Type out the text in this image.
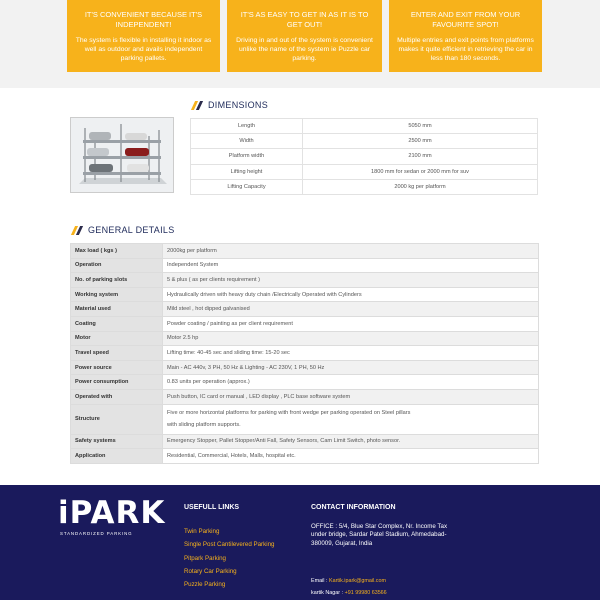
IT'S CONVENIENT BECAUSE IT'S INDEPENDENT!
The system is flexible in installing it indoor as well as outdoor and avails independent parking pallets.
IT'S AS EASY TO GET IN AS IT IS TO GET OUT!
Driving in and out of the system is convenient unlike the name of the system ie Puzzle car parking.
ENTER AND EXIT FROM YOUR FAVOURITE SPOT!
Multiple entries and exit points from platforms makes it quite efficient in retrieving the car in less than 180 seconds.
DIMENSIONS
Length	5050 mm
Width	2500 mm
Platform width	2100 mm
Lifting height	1800 mm for sedan or 2000 mm for suv
Lifting Capacity	2000 kg per platform
GENERAL DETAILS
Max load ( kgs )	2000kg per platform
Operation	Independent System
No. of parking slots	5 & plus ( as per clients requirement )
Working system	Hydraulically driven with heavy duty chain /Electrically Operated with Cylinders
Material used	Mild steel , hot dipped galvanised
Coating	Powder coating / painting as per client requirement
Motor	Motor 2.5 hp
Travel speed	Lifting time: 40-45 sec and sliding time: 15-20 sec
Power source	Main - AC 440v, 3 PH, 50 Hz & Lighting - AC 230V, 1 PH, 50 Hz
Power consumption	0.83 units per operation (approx.)
Operated with	Push button, IC card or manual , LED display , PLC base software system
Structure	Five or more horizontal platforms for parking with front wedge per parking operated on Steel pillars
with sliding platform supports.

Safety systems	Emergency Stopper, Pallet Stopper/Anti Fall, Safety Sensors, Cam Limit Switch, photo sensor.
Application	Residential, Commercial, Hotels, Malls, hospital etc.
iPARK
STANDARDIZED PARKING
USEFULL LINKS
Twin Parking
Single Post Cantilevered Parking
Pitpark Parking
Rotary Car Parking
Puzzle Parking
CONTACT INFORMATION
OFFICE : 5/4, Blue Star Complex, Nr. Income Tax under bridge, Sardar Patel Stadium, Ahmedabad- 380009, Gujarat, India
Email : Kartik.ipark@gmail.com
kartik Nagar : +91 99980 63566
